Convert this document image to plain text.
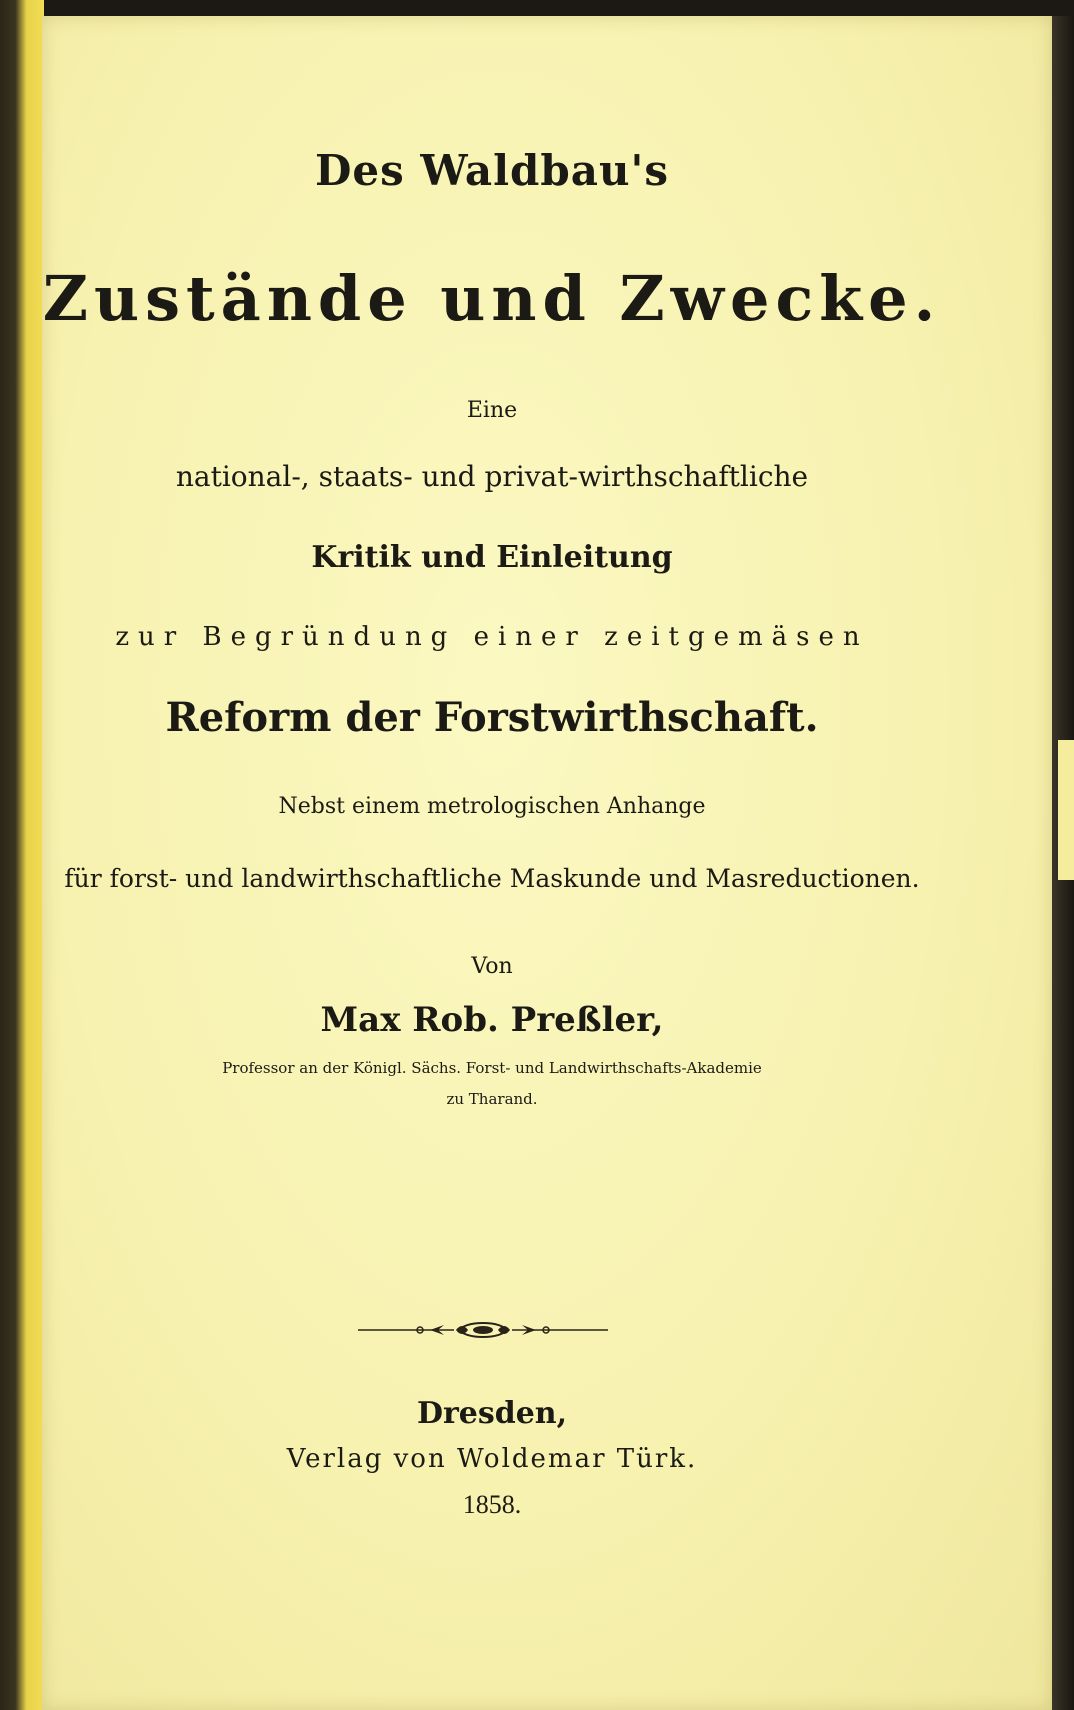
Des Waldbau's
Zustände und Zwecke.
Eine
national-, staats- und privat-wirthschaftliche
Kritik und Einleitung
zur Begründung einer zeitgemäsen
Reform der Forstwirthschaft.
Nebst einem metrologischen Anhange
für forst- und landwirthschaftliche Maskunde und Masreductionen.
Von
Max Rob. Preßler,
Professor an der Königl. Sächs. Forst- und Landwirthschafts-Akademie
zu Tharand.
Dresden,
Verlag von Woldemar Türk.
1858.
